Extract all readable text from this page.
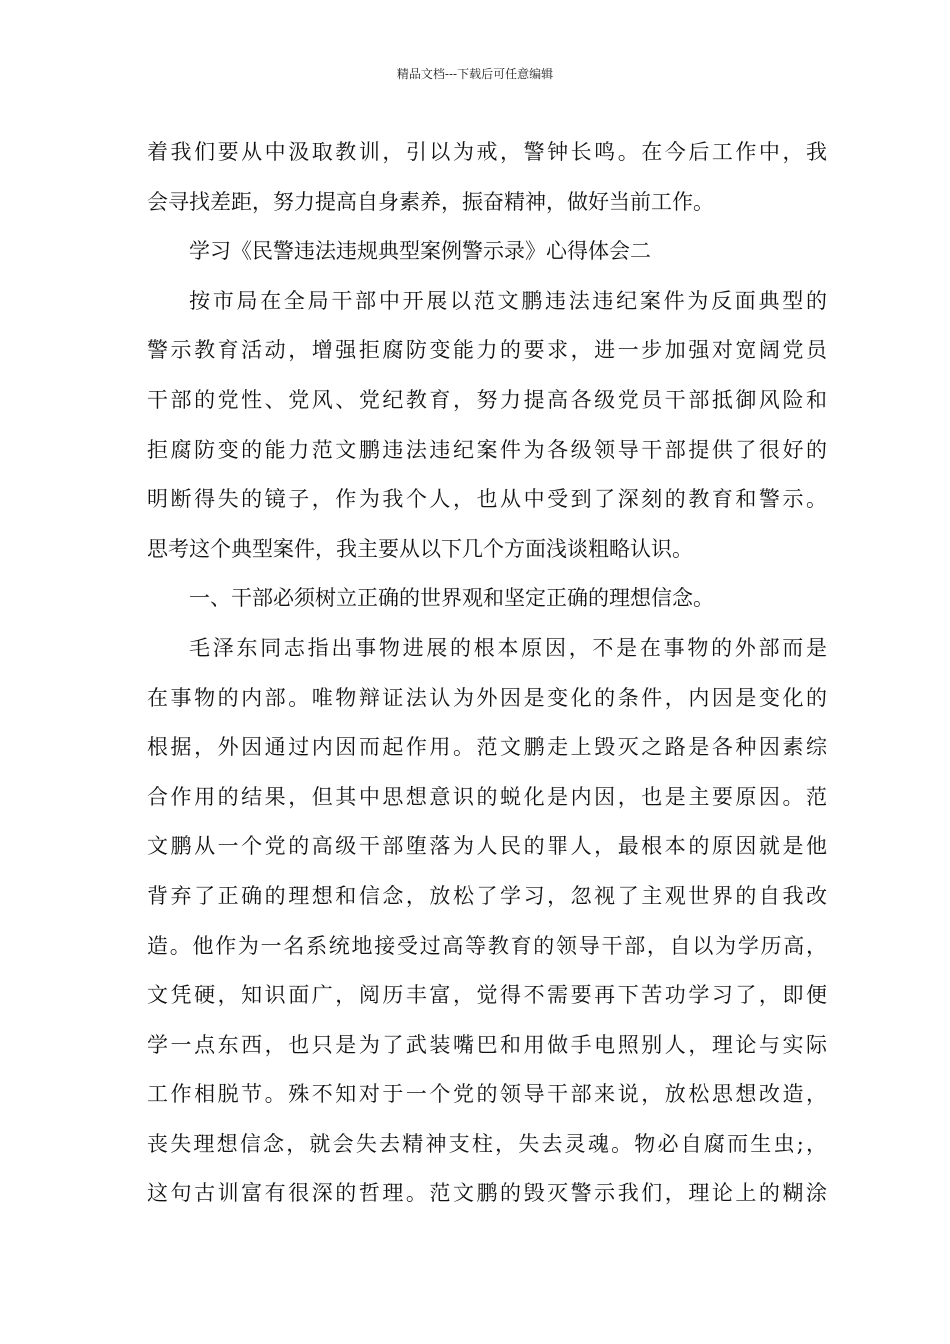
精品文档---下载后可任意编辑
着我们要从中汲取教训，引以为戒，警钟长鸣。在今后工作中，我
会寻找差距，努力提高自身素养，振奋精神，做好当前工作。
学习《民警违法违规典型案例警示录》心得体会二
按市局在全局干部中开展以范文鹏违法违纪案件为反面典型的
警示教育活动，增强拒腐防变能力的要求，进一步加强对宽阔党员
干部的党性、党风、党纪教育，努力提高各级党员干部抵御风险和
拒腐防变的能力范文鹏违法违纪案件为各级领导干部提供了很好的
明断得失的镜子，作为我个人，也从中受到了深刻的教育和警示。
思考这个典型案件，我主要从以下几个方面浅谈粗略认识。
一、干部必须树立正确的世界观和坚定正确的理想信念。
毛泽东同志指出事物进展的根本原因，不是在事物的外部而是
在事物的内部。唯物辩证法认为外因是变化的条件，内因是变化的
根据，外因通过内因而起作用。范文鹏走上毁灭之路是各种因素综
合作用的结果，但其中思想意识的蜕化是内因，也是主要原因。范
文鹏从一个党的高级干部堕落为人民的罪人，最根本的原因就是他
背弃了正确的理想和信念，放松了学习，忽视了主观世界的自我改
造。他作为一名系统地接受过高等教育的领导干部，自以为学历高，
文凭硬，知识面广，阅历丰富，觉得不需要再下苦功学习了，即便
学一点东西，也只是为了武装嘴巴和用做手电照别人，理论与实际
工作相脱节。殊不知对于一个党的领导干部来说，放松思想改造，
丧失理想信念，就会失去精神支柱，失去灵魂。物必自腐而生虫;，
这句古训富有很深的哲理。范文鹏的毁灭警示我们，理论上的糊涂
